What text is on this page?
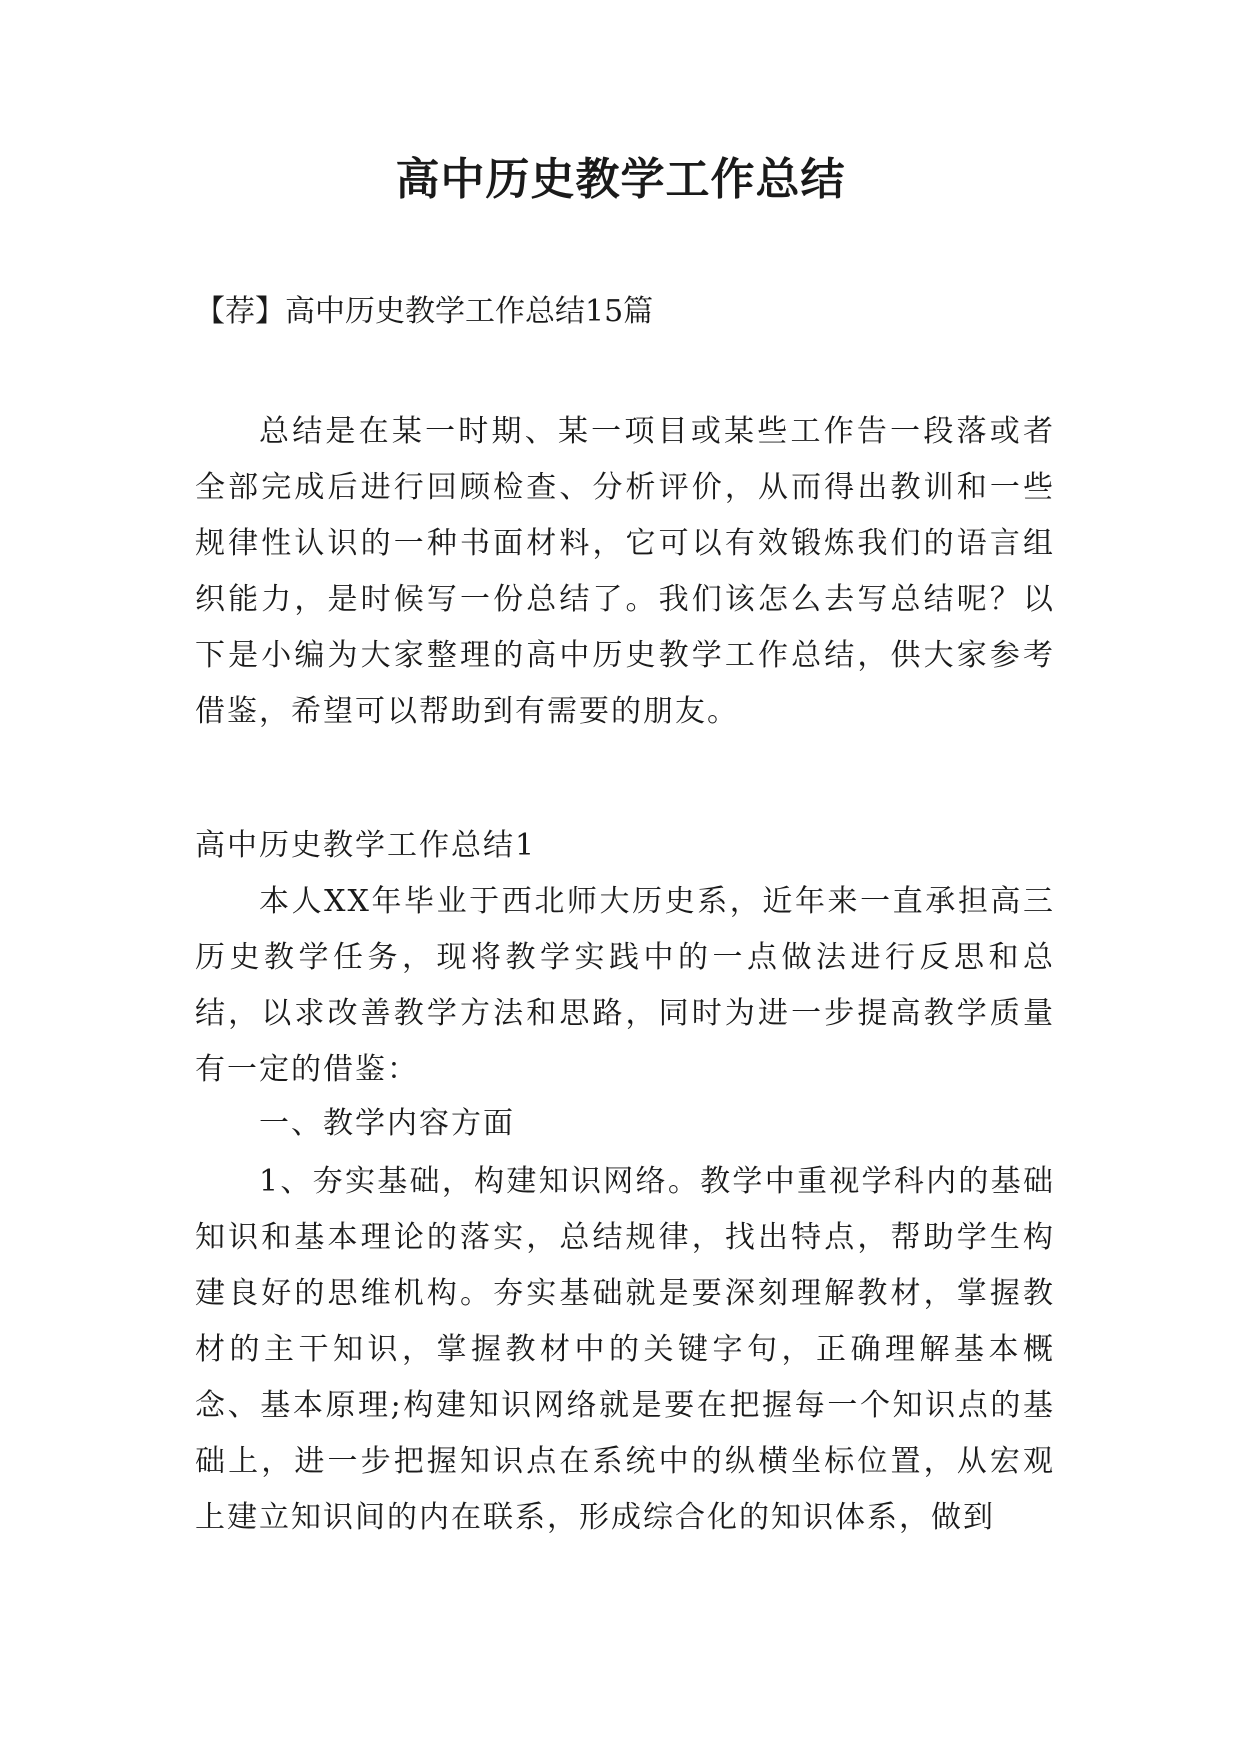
高中历史教学工作总结
【荐】高中历史教学工作总结15篇

总结是在某一时期、某一项目或某些工作告一段落或者全部完成后进行回顾检查、分析评价，从而得出教训和一些规律性认识的一种书面材料，它可以有效锻炼我们的语言组织能力，是时候写一份总结了。我们该怎么去写总结呢？以下是小编为大家整理的高中历史教学工作总结，供大家参考借鉴，希望可以帮助到有需要的朋友。

高中历史教学工作总结1

本人XX年毕业于西北师大历史系，近年来一直承担高三历史教学任务，现将教学实践中的一点做法进行反思和总结，以求改善教学方法和思路，同时为进一步提高教学质量有一定的借鉴：

一、教学内容方面

1、夯实基础，构建知识网络。教学中重视学科内的基础知识和基本理论的落实，总结规律，找出特点，帮助学生构建良好的思维机构。夯实基础就是要深刻理解教材，掌握教材的主干知识，掌握教材中的关键字句，正确理解基本概念、基本原理;构建知识网络就是要在把握每一个知识点的基础上，进一步把握知识点在系统中的纵横坐标位置，从宏观上建立知识间的内在联系，形成综合化的知识体系，做到
